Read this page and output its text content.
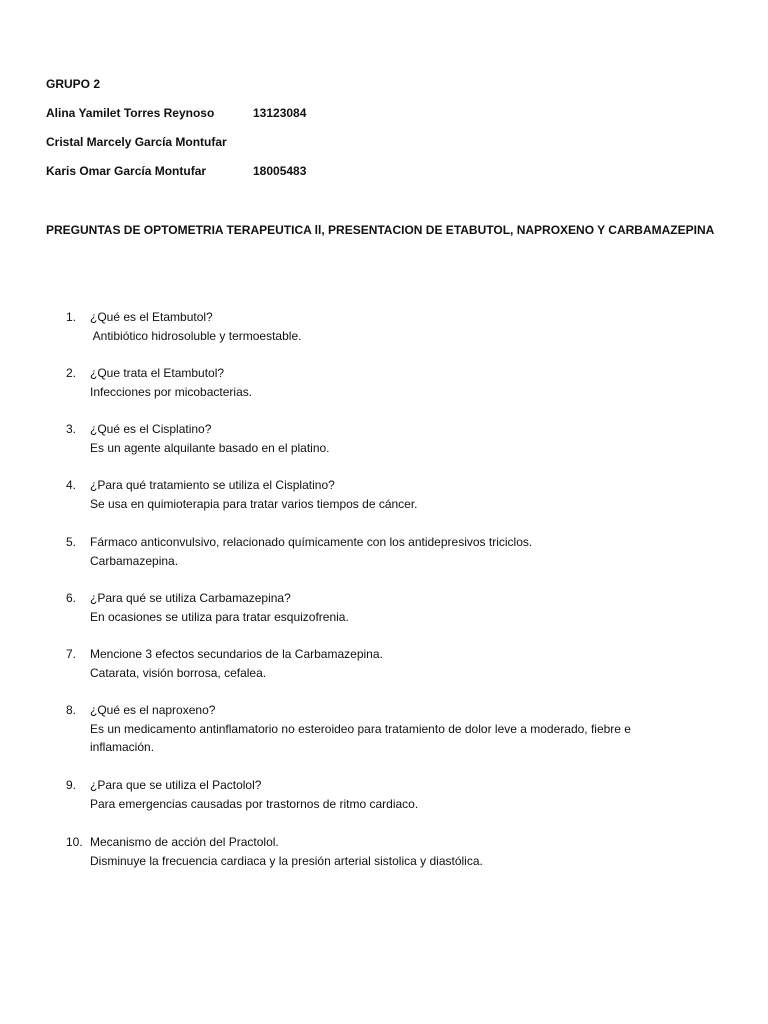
GRUPO 2
Alina Yamilet Torres Reynoso	13123084
Cristal Marcely García Montufar
Karis Omar García Montufar	18005483
PREGUNTAS DE OPTOMETRIA TERAPEUTICA ll, PRESENTACION DE ETABUTOL, NAPROXENO Y CARBAMAZEPINA
1.	¿Qué es el Etambutol?
Antibiótico hidrosoluble y termoestable.
2.	¿Que trata el Etambutol?
Infecciones por micobacterias.
3.	¿Qué es el Cisplatino?
Es un agente alquilante basado en el platino.
4.	¿Para qué tratamiento se utiliza el Cisplatino?
Se usa en quimioterapia para tratar varios tiempos de cáncer.
5.	Fármaco anticonvulsivo, relacionado químicamente con los antidepresivos triciclos.
Carbamazepina.
6.	¿Para qué se utiliza Carbamazepina?
En ocasiones se utiliza para tratar esquizofrenia.
7.	Mencione 3 efectos secundarios de la Carbamazepina.
Catarata, visión borrosa, cefalea.
8.	¿Qué es el naproxeno?
Es un medicamento antinflamatorio no esteroideo para tratamiento de dolor leve a moderado, fiebre e inflamación.
9.	¿Para que se utiliza el Pactolol?
Para emergencias causadas por trastornos de ritmo cardiaco.
10. Mecanismo de acción del Practolol.
Disminuye la frecuencia cardiaca y la presión arterial sistolica y diastólica.
